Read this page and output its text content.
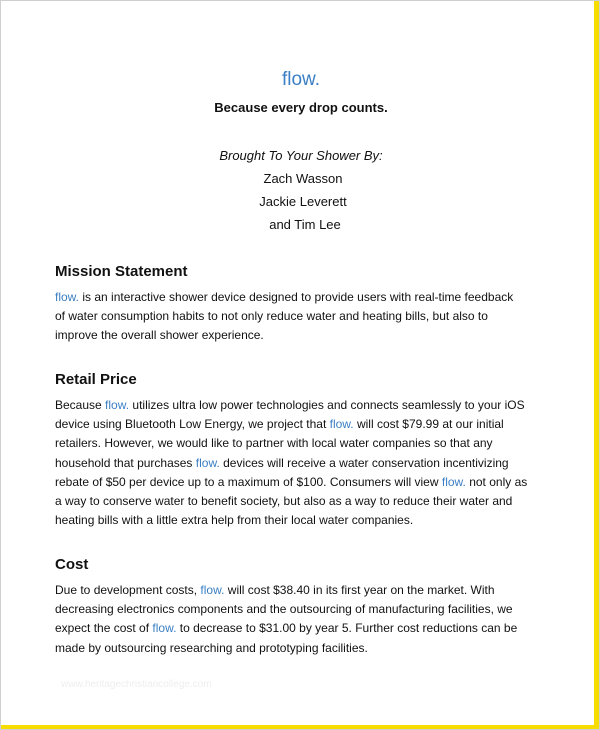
flow.
Because every drop counts.
Brought To Your Shower By:
Zach Wasson
Jackie Leverett
and Tim Lee
Mission Statement
flow. is an interactive shower device designed to provide users with real-time feedback
of water consumption habits to not only reduce water and heating bills, but also to
improve the overall shower experience.
Retail Price
Because flow. utilizes ultra low power technologies and connects seamlessly to your iOS
device using Bluetooth Low Energy, we project that flow. will cost $79.99 at our initial
retailers. However, we would like to partner with local water companies so that any
household that purchases flow. devices will receive a water conservation incentivizing
rebate of $50 per device up to a maximum of $100. Consumers will view flow. not only as
a way to conserve water to benefit society, but also as a way to reduce their water and
heating bills with a little extra help from their local water companies.
Cost
Due to development costs, flow. will cost $38.40 in its first year on the market. With
decreasing electronics components and the outsourcing of manufacturing facilities, we
expect the cost of flow. to decrease to $31.00 by year 5. Further cost reductions can be
made by outsourcing researching and prototyping facilities.
www.heritagechristiancollege.com
